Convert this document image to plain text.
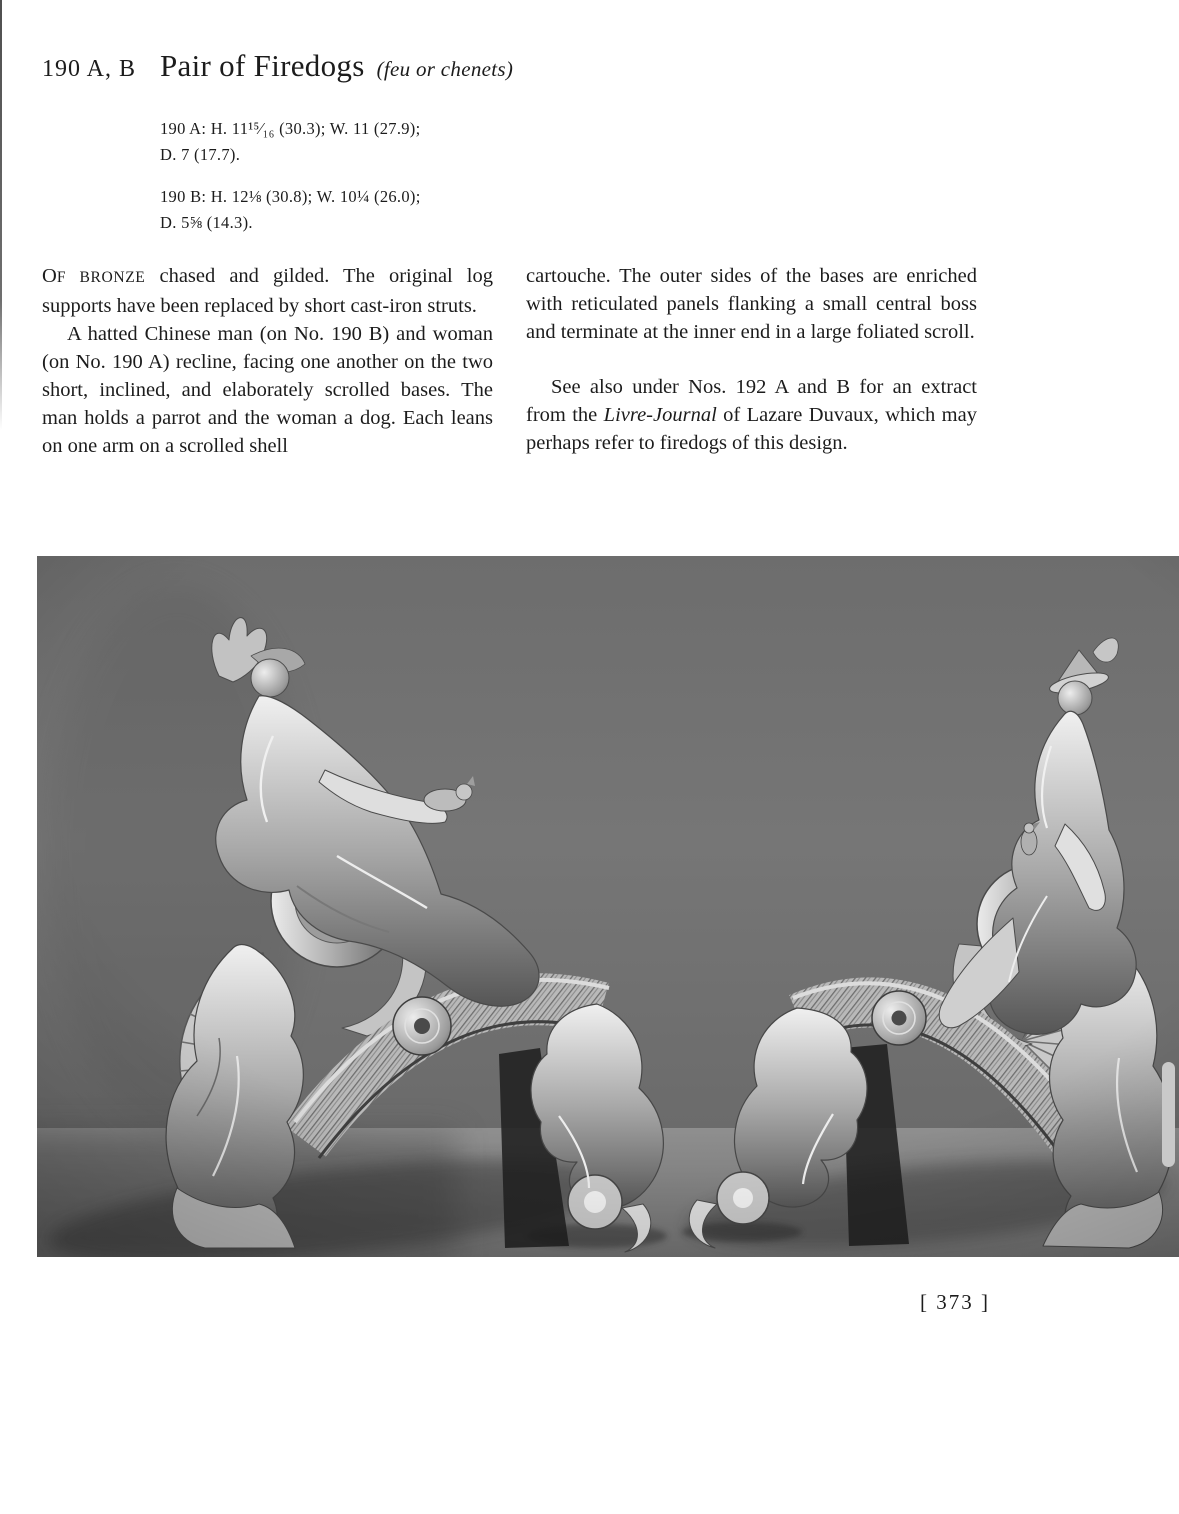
190 A, B Pair of Firedogs (feu or chenets)
190 A: H. 11¹⁵⁄₁₆ (30.3); W. 11 (27.9);
D. 7 (17.7).
190 B: H. 12⅛ (30.8); W. 10¼ (26.0);
D. 5⅝ (14.3).

OF BRONZE chased and gilded. The original log supports have been replaced by short cast-iron struts.

A hatted Chinese man (on No. 190 B) and woman (on No. 190 A) recline, facing one another on the two short, inclined, and elaborately scrolled bases. The man holds a parrot and the woman a dog. Each leans on one arm on a scrolled shell

cartouche. The outer sides of the bases are enriched with reticulated panels flanking a small central boss and terminate at the inner end in a large foliated scroll.

See also under Nos. 192 A and B for an extract from the Livre-Journal of Lazare Duvaux, which may perhaps refer to firedogs of this design.

[ 373 ]
